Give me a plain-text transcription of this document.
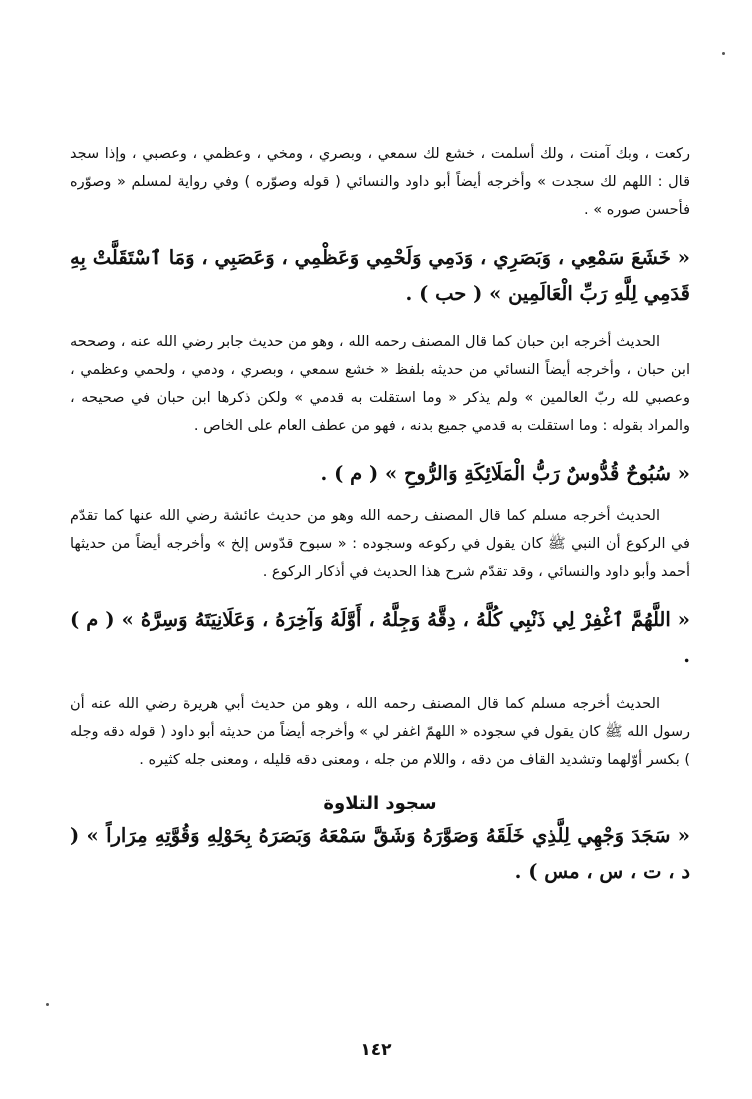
ركعت ، وبك آمنت ، ولك أسلمت ، خشع لك سمعي ، وبصري ، ومخي ، وعظمي ، وعصبي ، وإذا سجد قال : اللهم لك سجدت » وأخرجه أيضاً أبو داود والنسائي ( قوله وصوّره ) وفي رواية لمسلم « وصوّره فأحسن صوره » .

« خَشَعَ سَمْعِي ، وَبَصَرِي ، وَدَمِي وَلَحْمِي وَعَظْمِي ، وَعَصَبِي ، وَمَا ٱسْتَقَلَّتْ بِهِ قَدَمِي لِلَّهِ رَبِّ الْعَالَمِين » ( حب ) .

الحديث أخرجه ابن حبان كما قال المصنف رحمه الله ، وهو من حديث جابر رضي الله عنه ، وصححه ابن حبان ، وأخرجه أيضاً النسائي من حديثه بلفظ « خشع سمعي ، وبصري ، ودمي ، ولحمي وعظمي ، وعصبي لله ربّ العالمين » ولم يذكر « وما استقلت به قدمي » ولكن ذكرها ابن حبان في صحيحه ، والمراد بقوله : وما استقلت به قدمي جميع بدنه ، فهو من عطف العام على الخاص .

« سُبُوحٌ قُدُّوسٌ رَبُّ الْمَلَائِكَةِ وَالرُّوحِ » ( م ) .

الحديث أخرجه مسلم كما قال المصنف رحمه الله وهو من حديث عائشة رضي الله عنها كما تقدّم في الركوع أن النبي ﷺ كان يقول في ركوعه وسجوده : « سبوح قدّوس إلخ » وأخرجه أيضاً من حديثها أحمد وأبو داود والنسائي ، وقد تقدّم شرح هذا الحديث في أذكار الركوع .

« اللَّهُمَّ ٱغْفِرْ لِي ذَنْبِي كُلَّهُ ، دِقَّهُ وَجِلَّهُ ، أَوَّلَهُ وَآخِرَهُ ، وَعَلَانِيَتَهُ وَسِرَّهُ » ( م ) .

الحديث أخرجه مسلم كما قال المصنف رحمه الله ، وهو من حديث أبي هريرة رضي الله عنه أن رسول الله ﷺ كان يقول في سجوده « اللهمّ اغفر لي » وأخرجه أيضاً من حديثه أبو داود ( قوله دقه وجله ) بكسر أوّلهما وتشديد القاف من دقه ، واللام من جله ، ومعنى دقه قليله ، ومعنى جله كثيره .

سجود التلاوة

« سَجَدَ وَجْهِي لِلَّذِي خَلَقَهُ وَصَوَّرَهُ وَشَقَّ سَمْعَهُ وَبَصَرَهُ بِحَوْلِهِ وَقُوَّتِهِ مِرَاراً » ( د ، ت ، س ، مس ) .

١٤٢
